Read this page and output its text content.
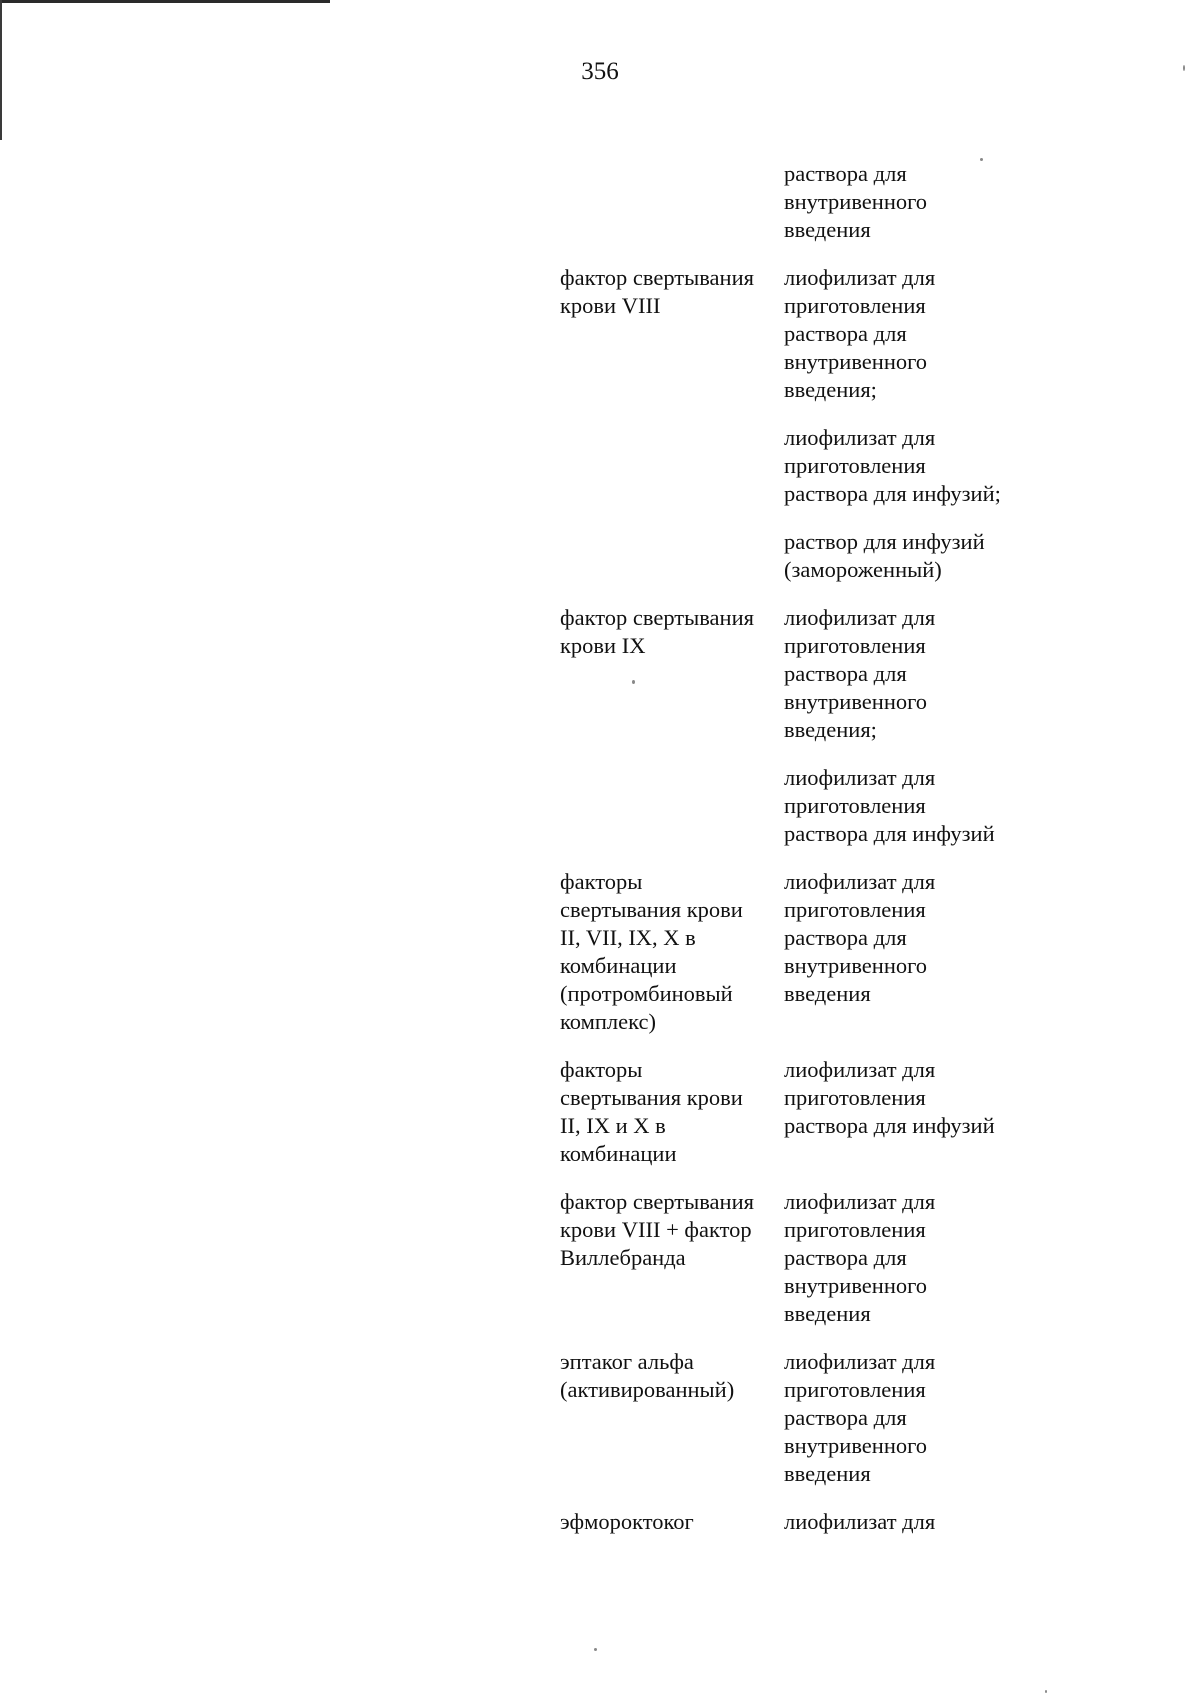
356
раствора для
внутривенного
введения
фактор свертывания
крови VIII
лиофилизат для
приготовления
раствора для
внутривенного
введения;
лиофилизат для
приготовления
раствора для инфузий;
раствор для инфузий
(замороженный)
фактор свертывания
крови IX
лиофилизат для
приготовления
раствора для
внутривенного
введения;
лиофилизат для
приготовления
раствора для инфузий
факторы
свертывания крови
II, VII, IX, X в
комбинации
(протромбиновый
комплекс)
лиофилизат для
приготовления
раствора для
внутривенного
введения
факторы
свертывания крови
II, IX и X в
комбинации
лиофилизат для
приготовления
раствора для инфузий
фактор свертывания
крови VIII + фактор
Виллебранда
лиофилизат для
приготовления
раствора для
внутривенного
введения
эптаког альфа
(активированный)
лиофилизат для
приготовления
раствора для
внутривенного
введения
эфмороктоког	лиофилизат для
